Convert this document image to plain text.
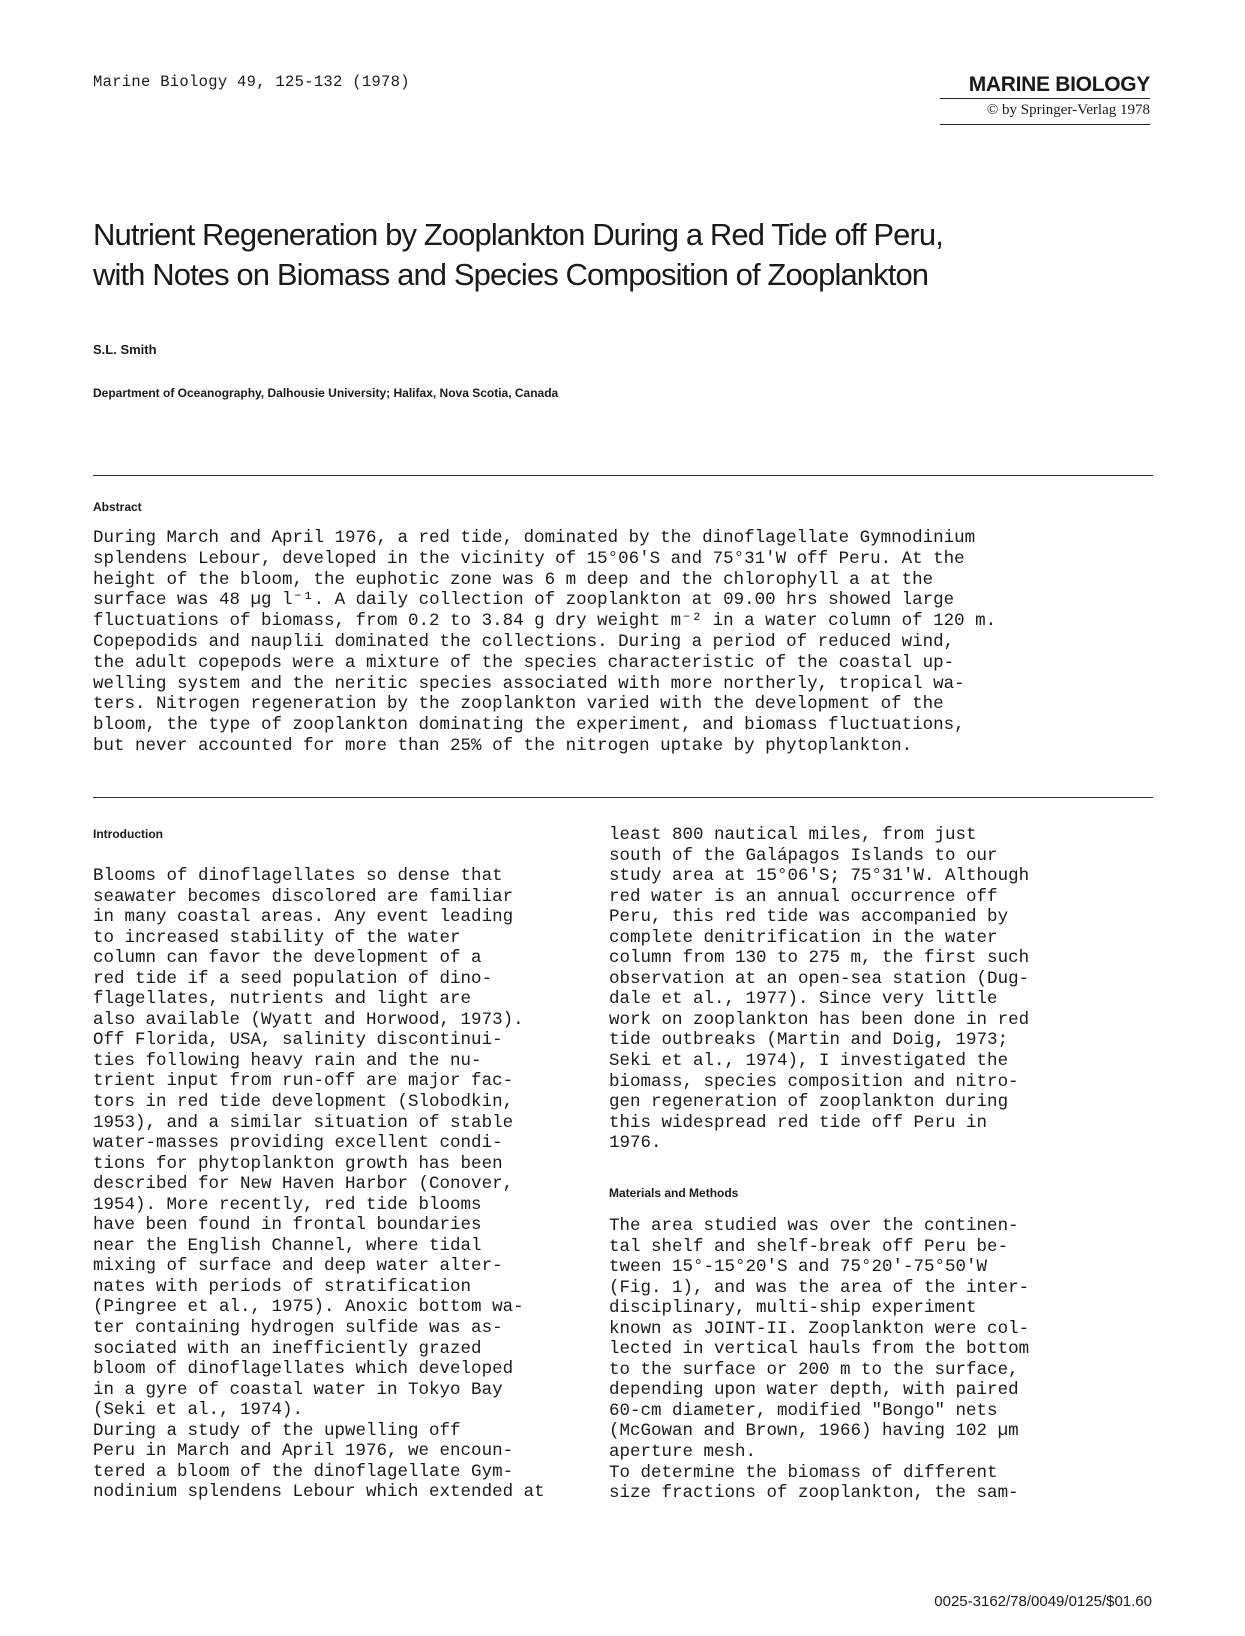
Marine Biology 49, 125-132 (1978)	MARINE BIOLOGY
© by Springer-Verlag 1978
Nutrient Regeneration by Zooplankton During a Red Tide off Peru,
with Notes on Biomass and Species Composition of Zooplankton
S.L. Smith
Department of Oceanography, Dalhousie University; Halifax, Nova Scotia, Canada
Abstract
During March and April 1976, a red tide, dominated by the dinoflagellate Gymnodinium
splendens Lebour, developed in the vicinity of 15°06'S and 75°31'W off Peru. At the
height of the bloom, the euphotic zone was 6 m deep and the chlorophyll a at the
surface was 48 µg l⁻¹. A daily collection of zooplankton at 09.00 hrs showed large
fluctuations of biomass, from 0.2 to 3.84 g dry weight m⁻² in a water column of 120 m.
Copepodids and nauplii dominated the collections. During a period of reduced wind,
the adult copepods were a mixture of the species characteristic of the coastal up-
welling system and the neritic species associated with more northerly, tropical wa-
ters. Nitrogen regeneration by the zooplankton varied with the development of the
bloom, the type of zooplankton dominating the experiment, and biomass fluctuations,
but never accounted for more than 25% of the nitrogen uptake by phytoplankton.
Introduction
Blooms of dinoflagellates so dense that
seawater becomes discolored are familiar
in many coastal areas. Any event leading
to increased stability of the water
column can favor the development of a
red tide if a seed population of dino-
flagellates, nutrients and light are
also available (Wyatt and Horwood, 1973).
Off Florida, USA, salinity discontinui-
ties following heavy rain and the nu-
trient input from run-off are major fac-
tors in red tide development (Slobodkin,
1953), and a similar situation of stable
water-masses providing excellent condi-
tions for phytoplankton growth has been
described for New Haven Harbor (Conover,
1954). More recently, red tide blooms
have been found in frontal boundaries
near the English Channel, where tidal
mixing of surface and deep water alter-
nates with periods of stratification
(Pingree et al., 1975). Anoxic bottom wa-
ter containing hydrogen sulfide was as-
sociated with an inefficiently grazed
bloom of dinoflagellates which developed
in a gyre of coastal water in Tokyo Bay
(Seki et al., 1974).
During a study of the upwelling off
Peru in March and April 1976, we encoun-
tered a bloom of the dinoflagellate Gym-
nodinium splendens Lebour which extended at
least 800 nautical miles, from just
south of the Galápagos Islands to our
study area at 15°06'S; 75°31'W. Although
red water is an annual occurrence off
Peru, this red tide was accompanied by
complete denitrification in the water
column from 130 to 275 m, the first such
observation at an open-sea station (Dug-
dale et al., 1977). Since very little
work on zooplankton has been done in red
tide outbreaks (Martin and Doig, 1973;
Seki et al., 1974), I investigated the
biomass, species composition and nitro-
gen regeneration of zooplankton during
this widespread red tide off Peru in
1976.
Materials and Methods
The area studied was over the continen-
tal shelf and shelf-break off Peru be-
tween 15°-15°20'S and 75°20'-75°50'W
(Fig. 1), and was the area of the inter-
disciplinary, multi-ship experiment
known as JOINT-II. Zooplankton were col-
lected in vertical hauls from the bottom
to the surface or 200 m to the surface,
depending upon water depth, with paired
60-cm diameter, modified "Bongo" nets
(McGowan and Brown, 1966) having 102 µm
aperture mesh.
To determine the biomass of different
size fractions of zooplankton, the sam-
0025-3162/78/0049/0125/$01.60
